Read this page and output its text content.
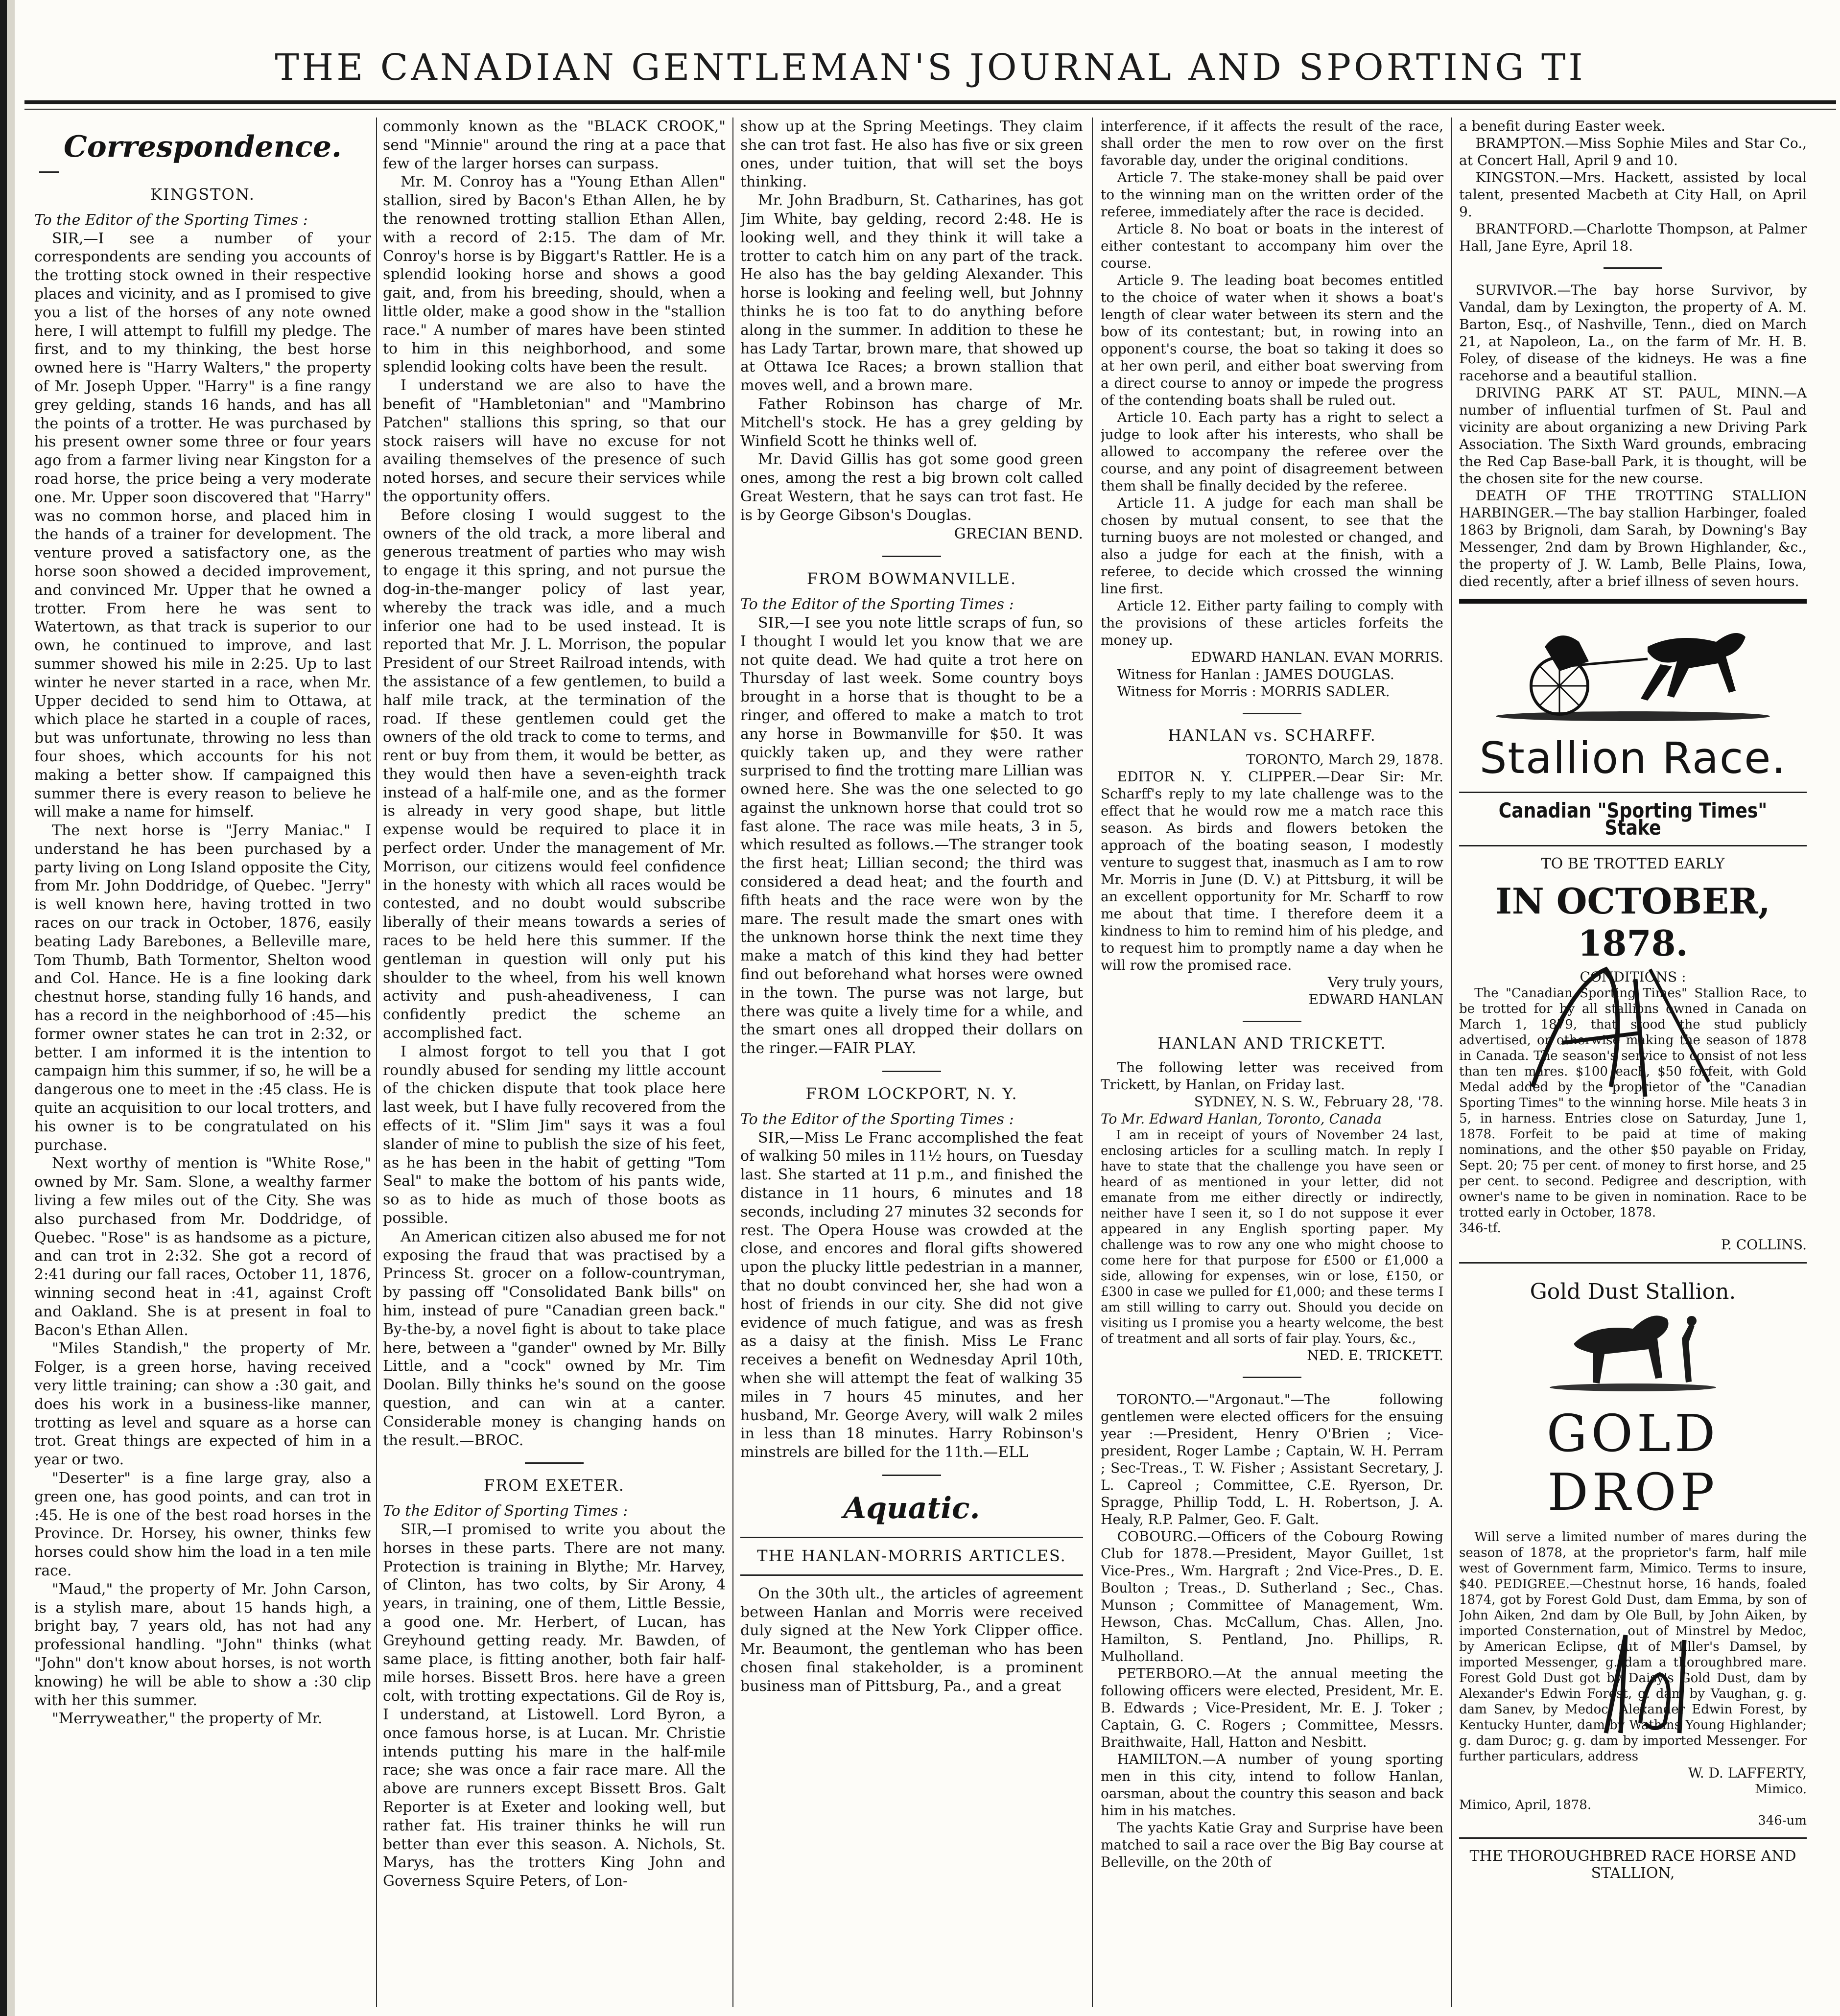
THE CANADIAN GENTLEMAN'S JOURNAL AND SPORTING TI

Correspondence.

KINGSTON.

To the Editor of the Sporting Times :

SIR,—I see a number of your correspondents are sending you accounts of the trotting stock owned in their respective places and vicinity, and as I promised to give you a list of the horses of any note owned here, I will attempt to fulfill my pledge. The first, and to my thinking, the best horse owned here is "Harry Walters," the property of Mr. Joseph Upper. "Harry" is a fine rangy grey gelding, stands 16 hands, and has all the points of a trotter. He was purchased by his present owner some three or four years ago from a farmer living near Kingston for a road horse, the price being a very moderate one. Mr. Upper soon discovered that "Harry" was no common horse, and placed him in the hands of a trainer for development. The venture proved a satisfactory one, as the horse soon showed a decided improvement, and convinced Mr. Upper that he owned a trotter. From here he was sent to Watertown, as that track is superior to our own, he continued to improve, and last summer showed his mile in 2:25. Up to last winter he never started in a race, when Mr. Upper decided to send him to Ottawa, at which place he started in a couple of races, but was unfortunate, throwing no less than four shoes, which accounts for his not making a better show. If campaigned this summer there is every reason to believe he will make a name for himself.

The next horse is "Jerry Maniac." I understand he has been purchased by a party living on Long Island opposite the City, from Mr. John Doddridge, of Quebec. "Jerry" is well known here, having trotted in two races on our track in October, 1876, easily beating Lady Barebones, a Belleville mare, Tom Thumb, Bath Tormentor, Shelton wood and Col. Hance. He is a fine looking dark chestnut horse, standing fully 16 hands, and has a record in the neighborhood of :45—his former owner states he can trot in 2:32, or better. I am informed it is the intention to campaign him this summer, if so, he will be a dangerous one to meet in the :45 class. He is quite an acquisition to our local trotters, and his owner is to be congratulated on his purchase.

Next worthy of mention is "White Rose," owned by Mr. Sam. Slone, a wealthy farmer living a few miles out of the City. She was also purchased from Mr. Doddridge, of Quebec. "Rose" is as handsome as a picture, and can trot in 2:32. She got a record of 2:41 during our fall races, October 11, 1876, winning second heat in :41, against Croft and Oakland. She is at present in foal to Bacon's Ethan Allen.

"Miles Standish," the property of Mr. Folger, is a green horse, having received very little training; can show a :30 gait, and does his work in a business-like manner, trotting as level and square as a horse can trot. Great things are expected of him in a year or two.

"Deserter" is a fine large gray, also a green one, has good points, and can trot in :45. He is one of the best road horses in the Province. Dr. Horsey, his owner, thinks few horses could show him the load in a ten mile race.

"Maud," the property of Mr. John Carson, is a stylish mare, about 15 hands high, a bright bay, 7 years old, has not had any professional handling. "John" thinks (what "John" don't know about horses, is not worth knowing) he will be able to show a :30 clip with her this summer.

"Merryweather," the property of Mr.

commonly known as the "BLACK CROOK," send "Minnie" around the ring at a pace that few of the larger horses can surpass.

Mr. M. Conroy has a "Young Ethan Allen" stallion, sired by Bacon's Ethan Allen, he by the renowned trotting stallion Ethan Allen, with a record of 2:15. The dam of Mr. Conroy's horse is by Biggart's Rattler. He is a splendid looking horse and shows a good gait, and, from his breeding, should, when a little older, make a good show in the "stallion race." A number of mares have been stinted to him in this neighborhood, and some splendid looking colts have been the result.

I understand we are also to have the benefit of "Hambletonian" and "Mambrino Patchen" stallions this spring, so that our stock raisers will have no excuse for not availing themselves of the presence of such noted horses, and secure their services while the opportunity offers.

Before closing I would suggest to the owners of the old track, a more liberal and generous treatment of parties who may wish to engage it this spring, and not pursue the dog-in-the-manger policy of last year, whereby the track was idle, and a much inferior one had to be used instead. It is reported that Mr. J. L. Morrison, the popular President of our Street Railroad intends, with the assistance of a few gentlemen, to build a half mile track, at the termination of the road. If these gentlemen could get the owners of the old track to come to terms, and rent or buy from them, it would be better, as they would then have a seven-eighth track instead of a half-mile one, and as the former is already in very good shape, but little expense would be required to place it in perfect order. Under the management of Mr. Morrison, our citizens would feel confidence in the honesty with which all races would be contested, and no doubt would subscribe liberally of their means towards a series of races to be held here this summer. If the gentleman in question will only put his shoulder to the wheel, from his well known activity and push-aheadiveness, I can confidently predict the scheme an accomplished fact.

I almost forgot to tell you that I got roundly abused for sending my little account of the chicken dispute that took place here last week, but I have fully recovered from the effects of it. "Slim Jim" says it was a foul slander of mine to publish the size of his feet, as he has been in the habit of getting "Tom Seal" to make the bottom of his pants wide, so as to hide as much of those boots as possible.

An American citizen also abused me for not exposing the fraud that was practised by a Princess St. grocer on a follow-countryman, by passing off "Consolidated Bank bills" on him, instead of pure "Canadian green back." By-the-by, a novel fight is about to take place here, between a "gander" owned by Mr. Billy Little, and a "cock" owned by Mr. Tim Doolan. Billy thinks he's sound on the goose question, and can win at a canter. Considerable money is changing hands on the result.—BROC.

FROM EXETER.

To the Editor of Sporting Times :

SIR,—I promised to write you about the horses in these parts. There are not many. Protection is training in Blythe; Mr. Harvey, of Clinton, has two colts, by Sir Arony, 4 years, in training, one of them, Little Bessie, a good one. Mr. Herbert, of Lucan, has Greyhound getting ready. Mr. Bawden, of same place, is fitting another, both fair half-mile horses. Bissett Bros. here have a green colt, with trotting expectations. Gil de Roy is, I understand, at Listowell. Lord Byron, a once famous horse, is at Lucan. Mr. Christie intends putting his mare in the half-mile race; she was once a fair race mare. All the above are runners except Bissett Bros. Galt Reporter is at Exeter and looking well, but rather fat. His trainer thinks he will run better than ever this season. A. Nichols, St. Marys, has the trotters King John and Governess Squire Peters, of Lon-

show up at the Spring Meetings. They claim she can trot fast. He also has five or six green ones, under tuition, that will set the boys thinking.

Mr. John Bradburn, St. Catharines, has got Jim White, bay gelding, record 2:48. He is looking well, and they think it will take a trotter to catch him on any part of the track. He also has the bay gelding Alexander. This horse is looking and feeling well, but Johnny thinks he is too fat to do anything before along in the summer. In addition to these he has Lady Tartar, brown mare, that showed up at Ottawa Ice Races; a brown stallion that moves well, and a brown mare.

Father Robinson has charge of Mr. Mitchell's stock. He has a grey gelding by Winfield Scott he thinks well of.

Mr. David Gillis has got some good green ones, among the rest a big brown colt called Great Western, that he says can trot fast. He is by George Gibson's Douglas.

GRECIAN BEND.

FROM BOWMANVILLE.

To the Editor of the Sporting Times :

SIR,—I see you note little scraps of fun, so I thought I would let you know that we are not quite dead. We had quite a trot here on Thursday of last week. Some country boys brought in a horse that is thought to be a ringer, and offered to make a match to trot any horse in Bowmanville for $50. It was quickly taken up, and they were rather surprised to find the trotting mare Lillian was owned here. She was the one selected to go against the unknown horse that could trot so fast alone. The race was mile heats, 3 in 5, which resulted as follows.—The stranger took the first heat; Lillian second; the third was considered a dead heat; and the fourth and fifth heats and the race were won by the mare. The result made the smart ones with the unknown horse think the next time they make a match of this kind they had better find out beforehand what horses were owned in the town. The purse was not large, but there was quite a lively time for a while, and the smart ones all dropped their dollars on the ringer.—FAIR PLAY.

FROM LOCKPORT, N. Y.

To the Editor of the Sporting Times :

SIR,—Miss Le Franc accomplished the feat of walking 50 miles in 11½ hours, on Tuesday last. She started at 11 p.m., and finished the distance in 11 hours, 6 minutes and 18 seconds, including 27 minutes 32 seconds for rest. The Opera House was crowded at the close, and encores and floral gifts showered upon the plucky little pedestrian in a manner, that no doubt convinced her, she had won a host of friends in our city. She did not give evidence of much fatigue, and was as fresh as a daisy at the finish. Miss Le Franc receives a benefit on Wednesday April 10th, when she will attempt the feat of walking 35 miles in 7 hours 45 minutes, and her husband, Mr. George Avery, will walk 2 miles in less than 18 minutes. Harry Robinson's minstrels are billed for the 11th.—ELL

Aquatic.

THE HANLAN-MORRIS ARTICLES.

On the 30th ult., the articles of agreement between Hanlan and Morris were received duly signed at the New York Clipper office. Mr. Beaumont, the gentleman who has been chosen final stakeholder, is a prominent business man of Pittsburg, Pa., and a great

interference, if it affects the result of the race, shall order the men to row over on the first favorable day, under the original conditions.

Article 7. The stake-money shall be paid over to the winning man on the written order of the referee, immediately after the race is decided.

Article 8. No boat or boats in the interest of either contestant to accompany him over the course.

Article 9. The leading boat becomes entitled to the choice of water when it shows a boat's length of clear water between its stern and the bow of its contestant; but, in rowing into an opponent's course, the boat so taking it does so at her own peril, and either boat swerving from a direct course to annoy or impede the progress of the contending boats shall be ruled out.

Article 10. Each party has a right to select a judge to look after his interests, who shall be allowed to accompany the referee over the course, and any point of disagreement between them shall be finally decided by the referee.

Article 11. A judge for each man shall be chosen by mutual consent, to see that the turning buoys are not molested or changed, and also a judge for each at the finish, with a referee, to decide which crossed the winning line first.

Article 12. Either party failing to comply with the provisions of these articles forfeits the money up.

EDWARD HANLAN. EVAN MORRIS.

Witness for Hanlan : JAMES DOUGLAS.

Witness for Morris : MORRIS SADLER.

HANLAN vs. SCHARFF.

TORONTO, March 29, 1878.

EDITOR N. Y. CLIPPER.—Dear Sir: Mr. Scharff's reply to my late challenge was to the effect that he would row me a match race this season. As birds and flowers betoken the approach of the boating season, I modestly venture to suggest that, inasmuch as I am to row Mr. Morris in June (D. V.) at Pittsburg, it will be an excellent opportunity for Mr. Scharff to row me about that time. I therefore deem it a kindness to him to remind him of his pledge, and to request him to promptly name a day when he will row the promised race.

Very truly yours,

EDWARD HANLAN

HANLAN AND TRICKETT.

The following letter was received from Trickett, by Hanlan, on Friday last.

SYDNEY, N. S. W., February 28, '78.

To Mr. Edward Hanlan, Toronto, Canada

I am in receipt of yours of November 24 last, enclosing articles for a sculling match. In reply I have to state that the challenge you have seen or heard of as mentioned in your letter, did not emanate from me either directly or indirectly, neither have I seen it, so I do not suppose it ever appeared in any English sporting paper. My challenge was to row any one who might choose to come here for that purpose for £500 or £1,000 a side, allowing for expenses, win or lose, £150, or £300 in case we pulled for £1,000; and these terms I am still willing to carry out. Should you decide on visiting us I promise you a hearty welcome, the best of treatment and all sorts of fair play. Yours, &c.,

NED. E. TRICKETT.

TORONTO.—"Argonaut."—The following gentlemen were elected officers for the ensuing year :—President, Henry O'Brien ; Vice-president, Roger Lambe ; Captain, W. H. Perram ; Sec-Treas., T. W. Fisher ; Assistant Secretary, J. L. Capreol ; Committee, C.E. Ryerson, Dr. Spragge, Phillip Todd, L. H. Robertson, J. A. Healy, R.P. Palmer, Geo. F. Galt.

COBOURG.—Officers of the Cobourg Rowing Club for 1878.—President, Mayor Guillet, 1st Vice-Pres., Wm. Hargraft ; 2nd Vice-Pres., D. E. Boulton ; Treas., D. Sutherland ; Sec., Chas. Munson ; Committee of Management, Wm. Hewson, Chas. McCallum, Chas. Allen, Jno. Hamilton, S. Pentland, Jno. Phillips, R. Mulholland.

PETERBORO.—At the annual meeting the following officers were elected, President, Mr. E. B. Edwards ; Vice-President, Mr. E. J. Toker ; Captain, G. C. Rogers ; Committee, Messrs. Braithwaite, Hall, Hatton and Nesbitt.

HAMILTON.—A number of young sporting men in this city, intend to follow Hanlan, oarsman, about the country this season and back him in his matches.

The yachts Katie Gray and Surprise have been matched to sail a race over the Big Bay course at Belleville, on the 20th of

a benefit during Easter week.

BRAMPTON.—Miss Sophie Miles and Star Co., at Concert Hall, April 9 and 10.

KINGSTON.—Mrs. Hackett, assisted by local talent, presented Macbeth at City Hall, on April 9.

BRANTFORD.—Charlotte Thompson, at Palmer Hall, Jane Eyre, April 18.

SURVIVOR.—The bay horse Survivor, by Vandal, dam by Lexington, the property of A. M. Barton, Esq., of Nashville, Tenn., died on March 21, at Napoleon, La., on the farm of Mr. H. B. Foley, of disease of the kidneys. He was a fine racehorse and a beautiful stallion.

DRIVING PARK AT ST. PAUL, MINN.—A number of influential turfmen of St. Paul and vicinity are about organizing a new Driving Park Association. The Sixth Ward grounds, embracing the Red Cap Base-ball Park, it is thought, will be the chosen site for the new course.

DEATH OF THE TROTTING STALLION HARBINGER.—The bay stallion Harbinger, foaled 1863 by Brignoli, dam Sarah, by Downing's Bay Messenger, 2nd dam by Brown Highlander, &c., the property of J. W. Lamb, Belle Plains, Iowa, died recently, after a brief illness of seven hours.

Stallion Race.

Canadian "Sporting Times" Stake

TO BE TROTTED EARLY

IN OCTOBER, 1878.

CONDITIONS :

The "Canadian Sporting Times" Stallion Race, to be trotted for by all stallions owned in Canada on March 1, 1879, that stood the stud publicly advertised, or otherwise making the season of 1878 in Canada. The season's service to consist of not less than ten mares. $100 each, $50 forfeit, with Gold Medal added by the proprietor of the "Canadian Sporting Times" to the winning horse. Mile heats 3 in 5, in harness. Entries close on Saturday, June 1, 1878. Forfeit to be paid at time of making nominations, and the other $50 payable on Friday, Sept. 20; 75 per cent. of money to first horse, and 25 per cent. to second. Pedigree and description, with owner's name to be given in nomination. Race to be trotted early in October, 1878.

346-tf.

P. COLLINS.

Gold Dust Stallion.

GOLD DROP

Will serve a limited number of mares during the season of 1878, at the proprietor's farm, half mile west of Government farm, Mimico. Terms to insure, $40. PEDIGREE.—Chestnut horse, 16 hands, foaled 1874, got by Forest Gold Dust, dam Emma, by son of John Aiken, 2nd dam by Ole Bull, by John Aiken, by imported Consternation, out of Minstrel by Medoc, by American Eclipse, out of Miller's Damsel, by imported Messenger, g. dam a thoroughbred mare. Forest Gold Dust got by Daisy's Gold Dust, dam by Alexander's Edwin Forest, g. dam by Vaughan, g. g. dam Sanev, by Medoc. Alexander Edwin Forest, by Kentucky Hunter, dam by Wathins Young Highlander; g. dam Duroc; g. g. dam by imported Messenger. For further particulars, address

W. D. LAFFERTY,

Mimico.

Mimico, April, 1878.

346-um

THE THOROUGHBRED RACE HORSE AND STALLION,
